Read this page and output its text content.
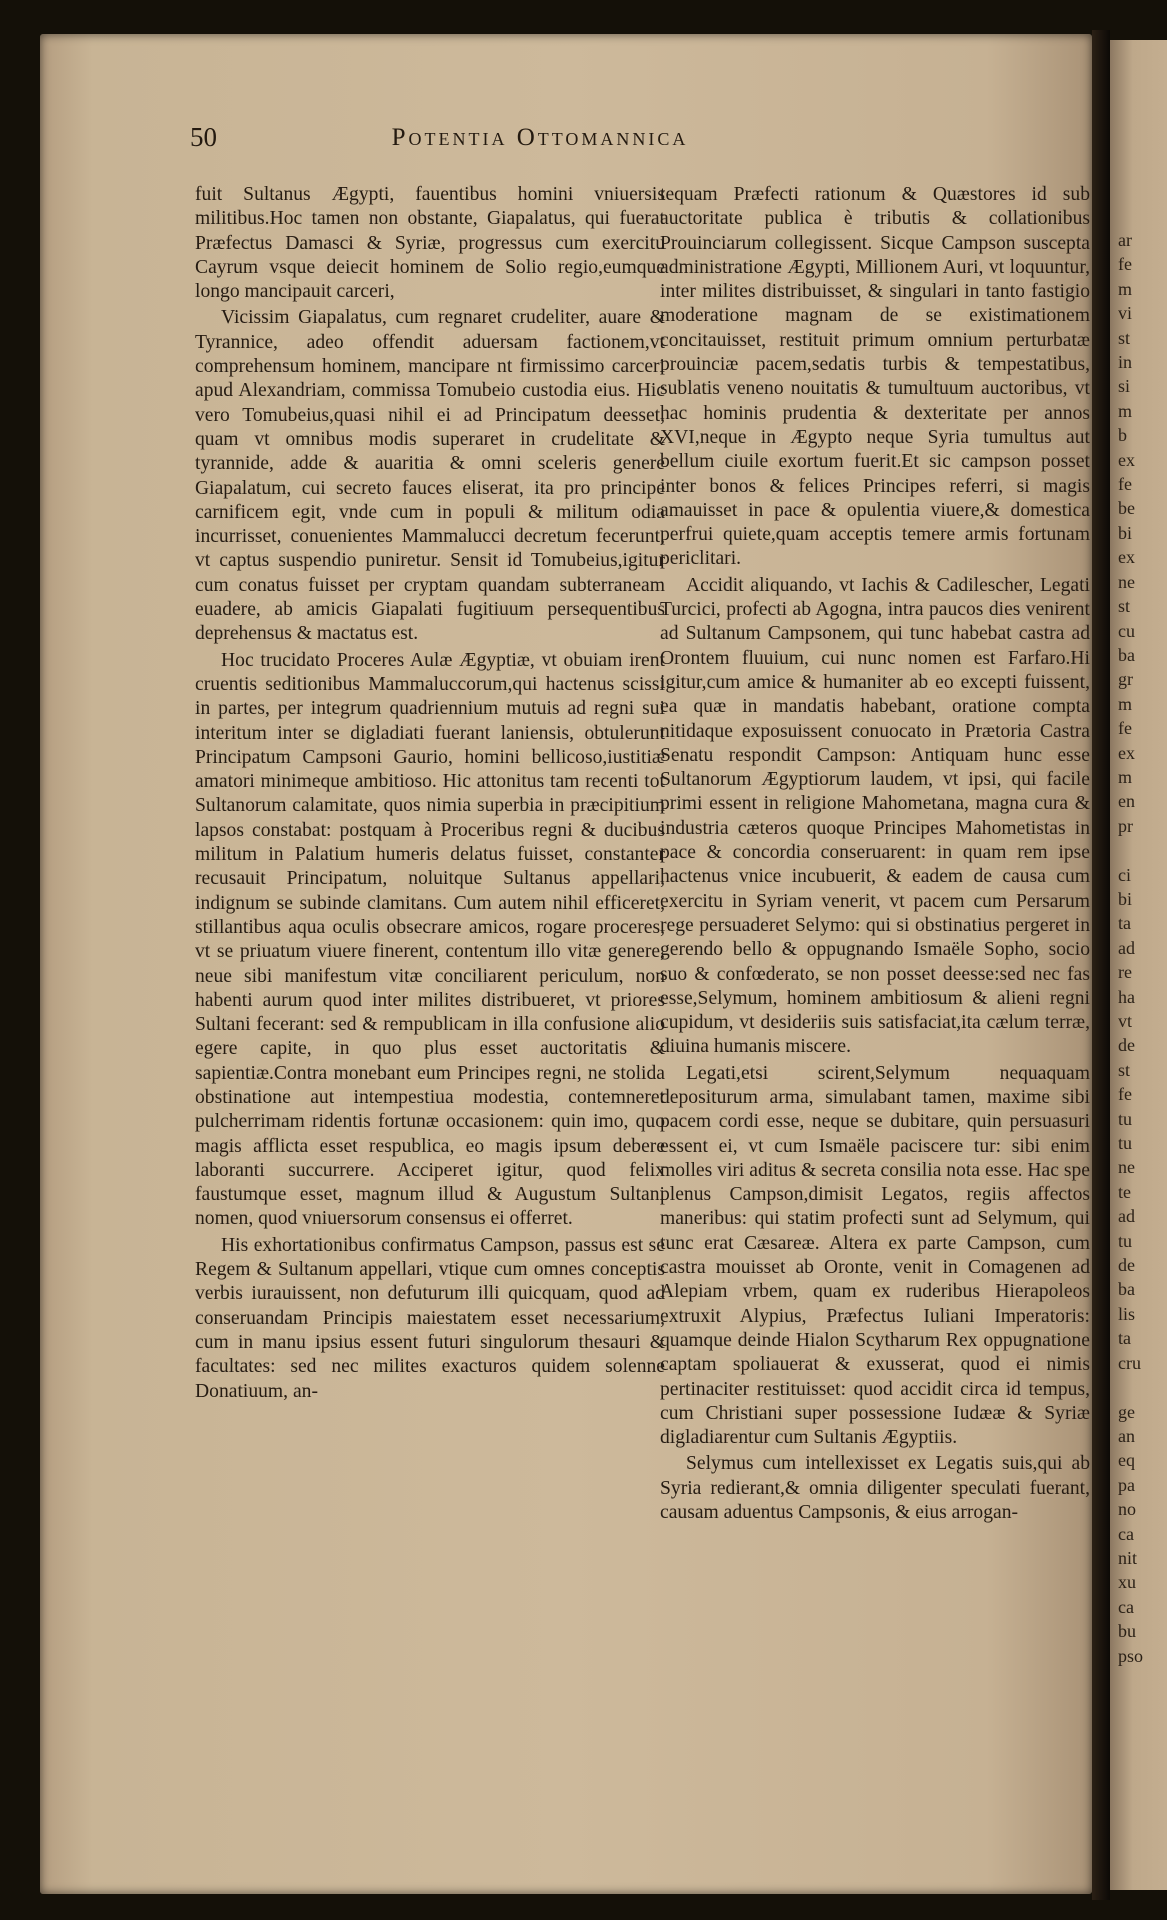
ar
fe
m
vi
st
in
si
m
b
ex
fe
be
bi
ex
ne
st
cu
ba
gr
m
fe
ex
m
en
pr

ci
bi
ta
ad
re
ha
vt
de
st
fe
tu
tu
ne
te
ad
tu
de
ba
lis
ta
cru

ge
an
eq
pa
no
ca
nit
xu
ca
bu
pso
50	Potentia Ottomannica

fuit Sultanus Ægypti, fauentibus homini vniuersis militibus.Hoc tamen non obstante, Giapalatus, qui fuerat Præfectus Damasci & Syriæ, progressus cum exercitu Cayrum vsque deiecit hominem de Solio regio,eumque longo mancipauit carceri,

Vicissim Giapalatus, cum regnaret crudeliter, auare & Tyrannice, adeo offendit aduersam factionem,vt comprehensum hominem, mancipare nt firmissimo carceri apud Alexandriam, commissa Tomubeio custodia eius. Hic vero Tomubeius,quasi nihil ei ad Principatum deesset, quam vt omnibus modis superaret in crudelitate & tyrannide, adde & auaritia & omni sceleris genere Giapalatum, cui secreto fauces eliserat, ita pro principe carnificem egit, vnde cum in populi & militum odia incurrisset, conuenientes Mammalucci decretum fecerunt, vt captus suspendio puniretur. Sensit id Tomubeius,igitur cum conatus fuisset per cryptam quandam subterraneam euadere, ab amicis Giapalati fugitiuum persequentibus deprehensus & mactatus est.

Hoc trucidato Proceres Aulæ Ægyptiæ, vt obuiam irent cruentis seditionibus Mammaluccorum,qui hactenus scissi in partes, per integrum quadriennium mutuis ad regni sui interitum inter se digladiati fuerant laniensis, obtulerunt Principatum Campsoni Gaurio, homini bellicoso,iustitiæ amatori minimeque ambitioso. Hic attonitus tam recenti tot Sultanorum calamitate, quos nimia superbia in præcipitium lapsos constabat: postquam à Proceribus regni & ducibus militum in Palatium humeris delatus fuisset, constanter recusauit Principatum, noluitque Sultanus appellari, indignum se subinde clamitans. Cum autem nihil efficeret, stillantibus aqua oculis obsecrare amicos, rogare proceres, vt se priuatum viuere finerent, contentum illo vitæ genere, neue sibi manifestum vitæ conciliarent periculum, non habenti aurum quod inter milites distribueret, vt priores Sultani fecerant: sed & rempublicam in illa confusione alio egere capite, in quo plus esset auctoritatis & sapientiæ.Contra monebant eum Principes regni, ne stolida obstinatione aut intempestiua modestia, contemneret pulcherrimam ridentis fortunæ occasionem: quin imo, quo magis afflicta esset respublica, eo magis ipsum debere laboranti succurrere. Acciperet igitur, quod felix faustumque esset, magnum illud & Augustum Sultani nomen, quod vniuersorum consensus ei offerret.

His exhortationibus confirmatus Campson, passus est se Regem & Sultanum appellari, vtique cum omnes conceptis verbis iurauissent, non defuturum illi quicquam, quod ad conseruandam Principis maiestatem esset necessarium, cum in manu ipsius essent futuri singulorum thesauri & facultates: sed nec milites exacturos quidem solenne Donatiuum, an-

tequam Præfecti rationum & Quæstores id sub auctoritate publica è tributis & collationibus Prouinciarum collegissent. Sicque Campson suscepta administratione Ægypti, Millionem Auri, vt loquuntur, inter milites distribuisset, & singulari in tanto fastigio moderatione magnam de se existimationem concitauisset, restituit primum omnium perturbatæ prouinciæ pacem,sedatis turbis & tempestatibus, sublatis veneno nouitatis & tumultuum auctoribus, vt hac hominis prudentia & dexteritate per annos XVI,neque in Ægypto neque Syria tumultus aut bellum ciuile exortum fuerit.Et sic campson posset inter bonos & felices Principes referri, si magis amauisset in pace & opulentia viuere,& domestica perfrui quiete,quam acceptis temere armis fortunam periclitari.

Accidit aliquando, vt Iachis & Cadilescher, Legati Turcici, profecti ab Agogna, intra paucos dies venirent ad Sultanum Campsonem, qui tunc habebat castra ad Orontem fluuium, cui nunc nomen est Farfaro.Hi igitur,cum amice & humaniter ab eo excepti fuissent, ea quæ in mandatis habebant, oratione compta nitidaque exposuissent conuocato in Prætoria Castra Senatu respondit Campson: Antiquam hunc esse Sultanorum Ægyptiorum laudem, vt ipsi, qui facile primi essent in religione Mahometana, magna cura & industria cæteros quoque Principes Mahometistas in pace & concordia conseruarent: in quam rem ipse hactenus vnice incubuerit, & eadem de causa cum exercitu in Syriam venerit, vt pacem cum Persarum rege persuaderet Selymo: qui si obstinatius pergeret in gerendo bello & oppugnando Ismaële Sopho, socio suo & confœderato, se non posset deesse:sed nec fas esse,Selymum, hominem ambitiosum & alieni regni cupidum, vt desideriis suis satisfaciat,ita cælum terræ, diuina humanis miscere.

Legati,etsi scirent,Selymum nequaquam depositurum arma, simulabant tamen, maxime sibi pacem cordi esse, neque se dubitare, quin persuasuri essent ei, vt cum Ismaële paciscere tur: sibi enim molles viri aditus & secreta consilia nota esse. Hac spe plenus Campson,dimisit Legatos, regiis affectos maneribus: qui statim profecti sunt ad Selymum, qui tunc erat Cæsareæ. Altera ex parte Campson, cum castra mouisset ab Oronte, venit in Comagenen ad Alepiam vrbem, quam ex ruderibus Hierapoleos extruxit Alypius, Præfectus Iuliani Imperatoris: quamque deinde Hialon Scytharum Rex oppugnatione captam spoliauerat & exusserat, quod ei nimis pertinaciter restituisset: quod accidit circa id tempus, cum Christiani super possessione Iudææ & Syriæ digladiarentur cum Sultanis Ægyptiis.

Selymus cum intellexisset ex Legatis suis,qui ab Syria redierant,& omnia diligenter speculati fuerant, causam aduentus Campsonis, & eius arrogan-
